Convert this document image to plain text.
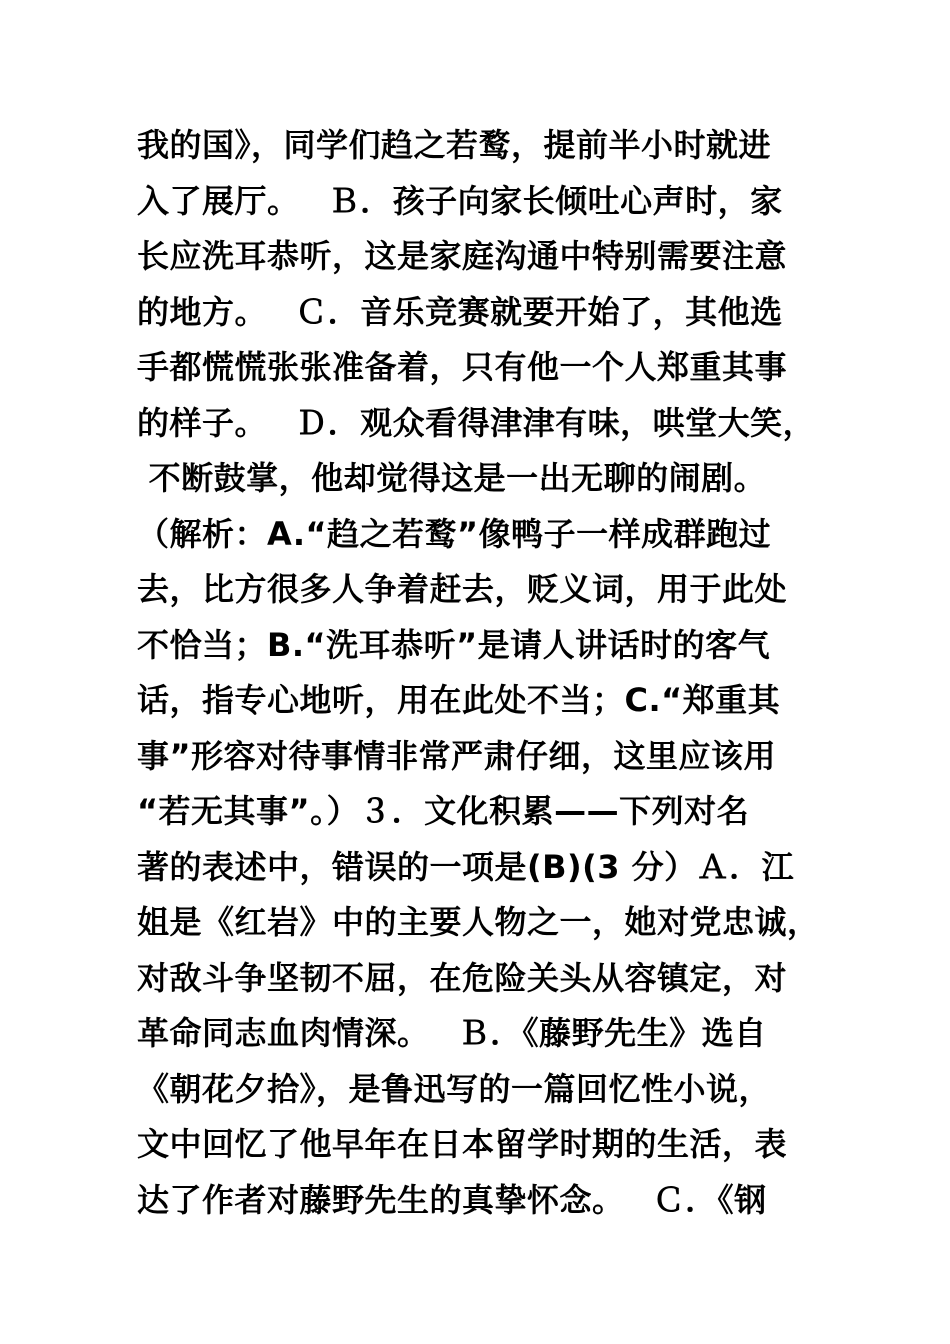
我的国》，同学们趋之若鹜，提前半小时就进
入了展厅。　 Ｂ．孩子向家长倾吐心声时，家
长应洗耳恭听，这是家庭沟通中特别需要注意
的地方。　 Ｃ．音乐竞赛就要开始了，其他选
手都慌慌张张准备着，只有他一个人郑重其事
的样子。　 Ｄ．观众看得津津有味，哄堂大笑，
不断鼓掌，他却觉得这是一出无聊的闹剧。
（解析：A.“趋之若鹜”像鸭子一样成群跑过
去，比方很多人争着赶去，贬义词，用于此处
不恰当；B.“洗耳恭听”是请人讲话时的客气
话，指专心地听，用在此处不当；C.“郑重其
事”形容对待事情非常严肃仔细，这里应该用
“若无其事”。）３．文化积累——下列对名
著的表述中，错误的一项是(B)(3 分）Ａ．江
姐是《红岩》中的主要人物之一，她对党忠诚，
对敌斗争坚韧不屈，在危险关头从容镇定，对
革命同志血肉情深。　 Ｂ．《藤野先生》选自
《朝花夕拾》，是鲁迅写的一篇回忆性小说，
文中回忆了他早年在日本留学时期的生活，表
达了作者对藤野先生的真挚怀念。　 Ｃ．《钢
